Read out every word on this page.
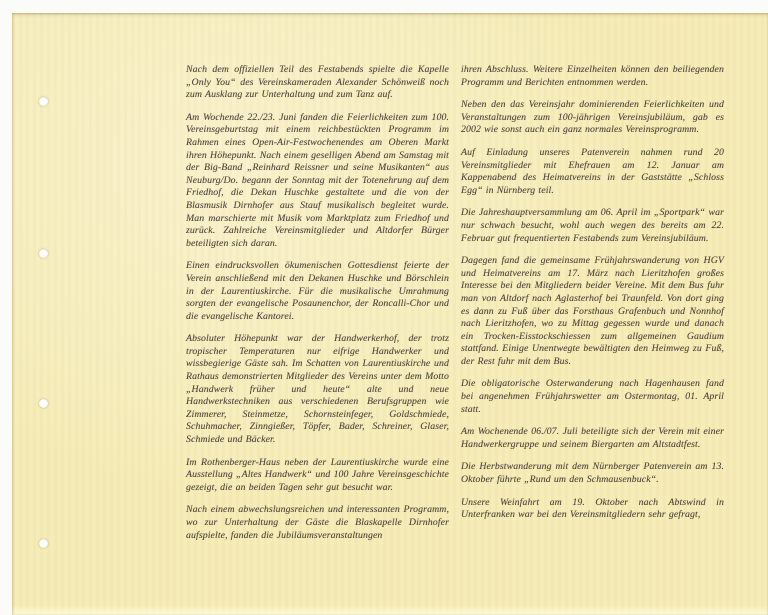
Nach dem offiziellen Teil des Festabends spielte die Kapelle „Only You“ des Vereinskameraden Alexander Schönweiß noch zum Ausklang zur Unterhaltung und zum Tanz auf.

Am Wochende 22./23. Juni fanden die Feierlichkeiten zum 100. Vereinsgeburtstag mit einem reichbestückten Programm im Rahmen eines Open-Air-Festwochenendes am Oberen Markt ihren Höhepunkt. Nach einem geselligen Abend am Samstag mit der Big-Band „Reinhard Reissner und seine Musikanten“ aus Neuburg/Do. begann der Sonntag mit der Totenehrung auf dem Friedhof, die Dekan Huschke gestaltete und die von der Blasmusik Dirnhofer aus Stauf musikalisch begleitet wurde. Man marschierte mit Musik vom Marktplatz zum Friedhof und zurück. Zahlreiche Vereinsmitglieder und Altdorfer Bürger beteiligten sich daran.

Einen eindrucksvollen ökumenischen Gottesdienst feierte der Verein anschließend mit den Dekanen Huschke und Börschlein in der Laurentiuskirche. Für die musikalische Umrahmung sorgten der evangelische Posaunenchor, der Roncalli-Chor und die evangelische Kantorei.

Absoluter Höhepunkt war der Handwerkerhof, der trotz tropischer Temperaturen nur eifrige Handwerker und wissbegierige Gäste sah. Im Schatten von Laurentiuskirche und Rathaus demonstrierten Mitglieder des Vereins unter dem Motto „Handwerk früher und heute“ alte und neue Handwerkstechniken aus verschiedenen Berufsgruppen wie Zimmerer, Steinmetze, Schornsteinfeger, Goldschmiede, Schuhmacher, Zinngießer, Töpfer, Bader, Schreiner, Glaser, Schmiede und Bäcker.

Im Rothenberger-Haus neben der Laurentiuskirche wurde eine Ausstellung „Altes Handwerk“ und 100 Jahre Vereinsgeschichte gezeigt, die an beiden Tagen sehr gut besucht war.

Nach einem abwechslungsreichen und interessanten Programm, wo zur Unterhaltung der Gäste die Blaskapelle Dirnhofer aufspielte, fanden die Jubiläumsveranstaltungen

ihren Abschluss. Weitere Einzelheiten können den beiliegenden Programm und Berichten entnommen werden.

Neben den das Vereinsjahr dominierenden Feierlichkeiten und Veranstaltungen zum 100-jährigen Vereinsjubiläum, gab es 2002 wie sonst auch ein ganz normales Vereinsprogramm.

Auf Einladung unseres Patenverein nahmen rund 20 Vereinsmitglieder mit Ehefrauen am 12. Januar am Kappenabend des Heimatvereins in der Gaststätte „Schloss Egg“ in Nürnberg teil.

Die Jahreshauptversammlung am 06. April im „Sportpark“ war nur schwach besucht, wohl auch wegen des bereits am 22. Februar gut frequentierten Festabends zum Vereinsjubiläum.

Dagegen fand die gemeinsame Frühjahrswanderung von HGV und Heimatvereins am 17. März nach Lieritzhofen großes Interesse bei den Mitgliedern beider Vereine. Mit dem Bus fuhr man von Altdorf nach Aglasterhof bei Traunfeld. Von dort ging es dann zu Fuß über das Forsthaus Grafenbuch und Nonnhof nach Lieritzhofen, wo zu Mittag gegessen wurde und danach ein Trocken-Eisstockschiessen zum allgemeinen Gaudium stattfand. Einige Unentwegte bewältigten den Heimweg zu Fuß, der Rest fuhr mit dem Bus.

Die obligatorische Osterwanderung nach Hagenhausen fand bei angenehmen Frühjahrswetter am Ostermontag, 01. April statt.

Am Wochenende 06./07. Juli beteiligte sich der Verein mit einer Handwerkergruppe und seinem Biergarten am Altstadtfest.

Die Herbstwanderung mit dem Nürnberger Patenverein am 13. Oktober führte „Rund um den Schmausenbuck“.

Unsere Weinfahrt am 19. Oktober nach Abtswind in Unterfranken war bei den Vereinsmitgliedern sehr gefragt,
